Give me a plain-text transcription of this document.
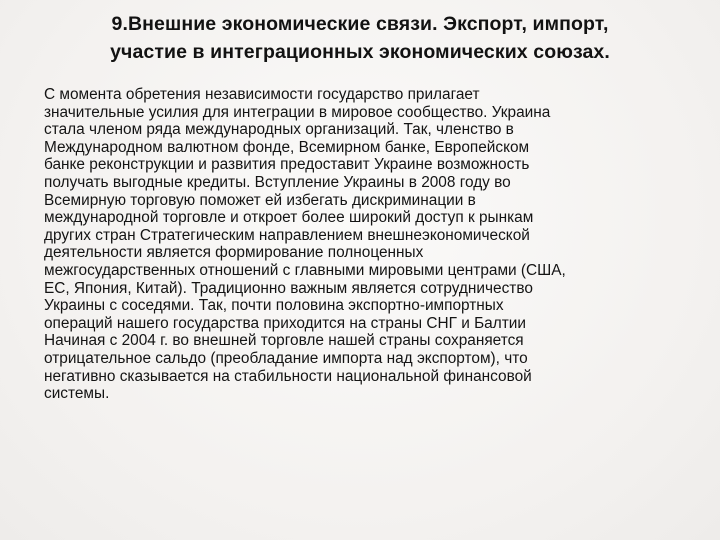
9.Внешние экономические связи. Экспорт, импорт,
участие в интеграционных экономических союзах.
С момента обретения независимости государство прилагает
значительные усилия для интеграции в мировое сообщество. Украина
стала членом ряда международных организаций. Так, членство в
Международном валютном фонде, Всемирном банке, Европейском
банке реконструкции и развития предоставит Украине возможность
получать выгодные кредиты. Вступление Украины в 2008 году во
Всемирную торговую поможет ей избегать дискриминации в
международной торговле и откроет более широкий доступ к рынкам
других стран Стратегическим направлением внешнеэкономической
деятельности является формирование полноценных
межгосударственных отношений с главными мировыми центрами (США,
ЕС, Япония, Китай). Традиционно важным является сотрудничество
Украины с соседями. Так, почти половина экспортно-импортных
операций нашего государства приходится на страны СНГ и Балтии
Начиная с 2004 г. во внешней торговле нашей страны сохраняется
отрицательное сальдо (преобладание импорта над экспортом), что
негативно сказывается на стабильности национальной финансовой
системы.
